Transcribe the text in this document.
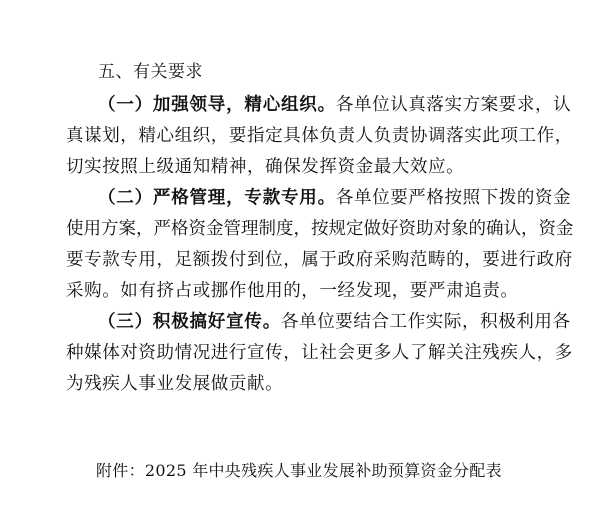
五、有关要求
（一）加强领导，精心组织。各单位认真落实方案要求，认
真谋划，精心组织，要指定具体负责人负责协调落实此项工作，
切实按照上级通知精神，确保发挥资金最大效应。
（二）严格管理，专款专用。各单位要严格按照下拨的资金
使用方案，严格资金管理制度，按规定做好资助对象的确认，资金
要专款专用，足额拨付到位，属于政府采购范畴的，要进行政府
采购。如有挤占或挪作他用的，一经发现，要严肃追责。
（三）积极搞好宣传。各单位要结合工作实际，积极利用各
种媒体对资助情况进行宣传，让社会更多人了解关注残疾人，多
为残疾人事业发展做贡献。
附件：2025 年中央残疾人事业发展补助预算资金分配表
